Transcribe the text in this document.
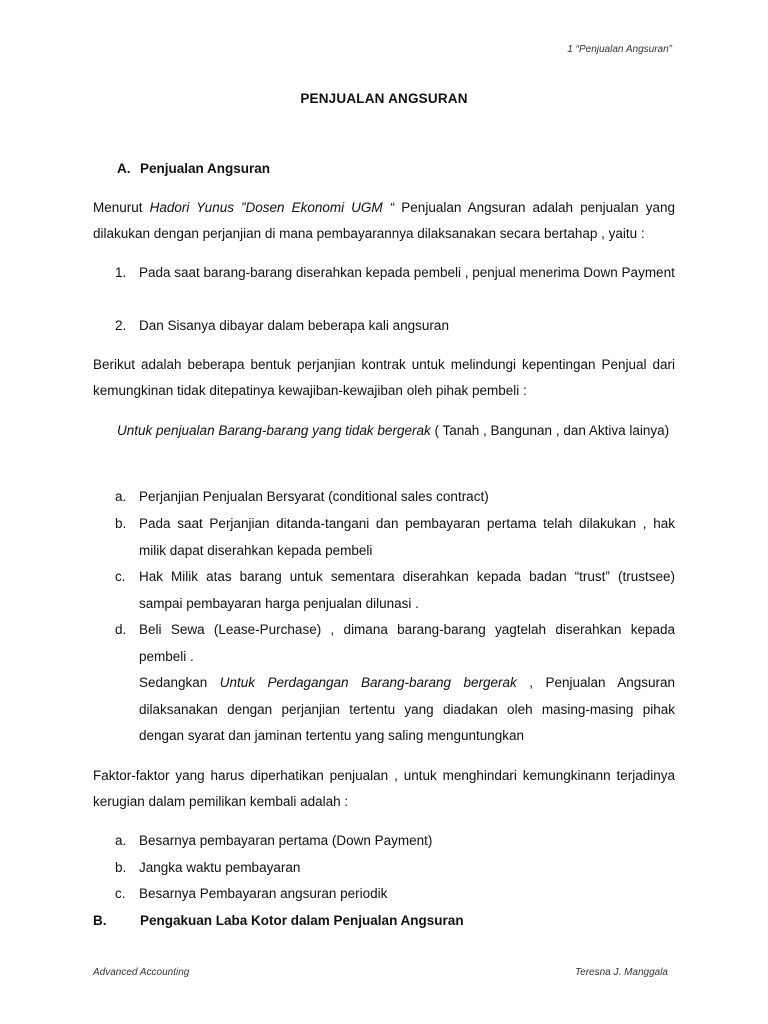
1 “Penjualan Angsuran”
PENJUALAN ANGSURAN
A. Penjualan Angsuran
Menurut Hadori Yunus ”Dosen Ekonomi UGM “ Penjualan Angsuran adalah penjualan yang dilakukan dengan perjanjian di mana pembayarannya dilaksanakan secara bertahap , yaitu :
1. Pada saat barang-barang diserahkan kepada pembeli , penjual menerima Down Payment
2. Dan Sisanya dibayar dalam beberapa kali angsuran
Berikut adalah beberapa bentuk perjanjian kontrak untuk melindungi kepentingan Penjual dari kemungkinan tidak ditepatinya kewajiban-kewajiban oleh pihak pembeli :
Untuk penjualan Barang-barang yang tidak bergerak ( Tanah , Bangunan , dan Aktiva lainya)
a. Perjanjian Penjualan Bersyarat (conditional sales contract)
b. Pada saat Perjanjian ditanda-tangani dan pembayaran pertama telah dilakukan , hak milik dapat diserahkan kepada pembeli
c. Hak Milik atas barang untuk sementara diserahkan kepada badan “trust” (trustsee) sampai pembayaran harga penjualan dilunasi .
d. Beli Sewa (Lease-Purchase) , dimana barang-barang yagtelah diserahkan kepada pembeli .
Sedangkan Untuk Perdagangan Barang-barang bergerak , Penjualan Angsuran dilaksanakan dengan perjanjian tertentu yang diadakan oleh masing-masing pihak dengan syarat dan jaminan tertentu yang saling menguntungkan
Faktor-faktor yang harus diperhatikan penjualan , untuk menghindari kemungkinann terjadinya kerugian dalam pemilikan kembali adalah :
a. Besarnya pembayaran pertama (Down Payment)
b. Jangka waktu pembayaran
c. Besarnya Pembayaran angsuran periodik
B. Pengakuan Laba Kotor dalam Penjualan Angsuran
Advanced Accounting	Teresna J. Manggala
